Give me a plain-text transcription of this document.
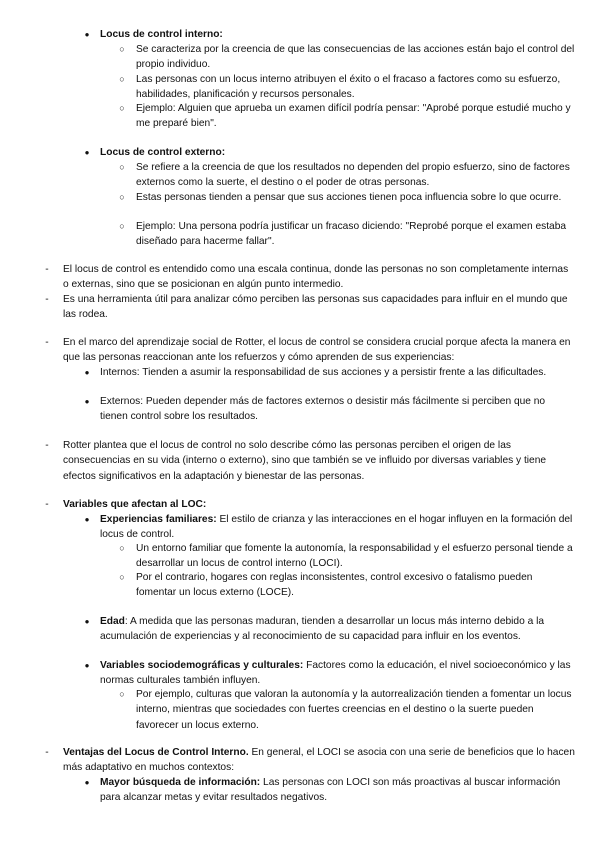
● Locus de control interno:
○ Se caracteriza por la creencia de que las consecuencias de las acciones están bajo el control del propio individuo.

○ Las personas con un locus interno atribuyen el éxito o el fracaso a factores como su esfuerzo, habilidades, planificación y recursos personales.

○ Ejemplo: Alguien que aprueba un examen difícil podría pensar: "Aprobé porque estudié mucho y me preparé bien".

● Locus de control externo:
○ Se refiere a la creencia de que los resultados no dependen del propio esfuerzo, sino de factores externos como la suerte, el destino o el poder de otras personas.

○ Estas personas tienden a pensar que sus acciones tienen poca influencia sobre lo que ocurre.

○ Ejemplo: Una persona podría justificar un fracaso diciendo: "Reprobé porque el examen estaba diseñado para hacerme fallar".

-	El locus de control es entendido como una escala continua, donde las personas no son completamente internas o externas, sino que se posicionan en algún punto intermedio.

-	Es una herramienta útil para analizar cómo perciben las personas sus capacidades para influir en el mundo que las rodea.

-	En el marco del aprendizaje social de Rotter, el locus de control se considera crucial porque afecta la manera en que las personas reaccionan ante los refuerzos y cómo aprenden de sus experiencias:

● Internos: Tienden a asumir la responsabilidad de sus acciones y a persistir frente a las dificultades.

● Externos: Pueden depender más de factores externos o desistir más fácilmente si perciben que no tienen control sobre los resultados.

-	Rotter plantea que el locus de control no solo describe cómo las personas perciben el origen de las consecuencias en su vida (interno o externo), sino que también se ve influido por diversas variables y tiene efectos significativos en la adaptación y bienestar de las personas.

-	Variables que afectan al LOC:
● Experiencias familiares: El estilo de crianza y las interacciones en el hogar influyen en la formación del locus de control.

○ Un entorno familiar que fomente la autonomía, la responsabilidad y el esfuerzo personal tiende a desarrollar un locus de control interno (LOCI).

○ Por el contrario, hogares con reglas inconsistentes, control excesivo o fatalismo pueden fomentar un locus externo (LOCE).

● Edad: A medida que las personas maduran, tienden a desarrollar un locus más interno debido a la acumulación de experiencias y al reconocimiento de su capacidad para influir en los eventos.

● Variables sociodemográficas y culturales: Factores como la educación, el nivel socioeconómico y las normas culturales también influyen.

○ Por ejemplo, culturas que valoran la autonomía y la autorrealización tienden a fomentar un locus interno, mientras que sociedades con fuertes creencias en el destino o la suerte pueden favorecer un locus externo.

-	Ventajas del Locus de Control Interno. En general, el LOCI se asocia con una serie de beneficios que lo hacen más adaptativo en muchos contextos:

● Mayor búsqueda de información: Las personas con LOCI son más proactivas al buscar información para alcanzar metas y evitar resultados negativos.
